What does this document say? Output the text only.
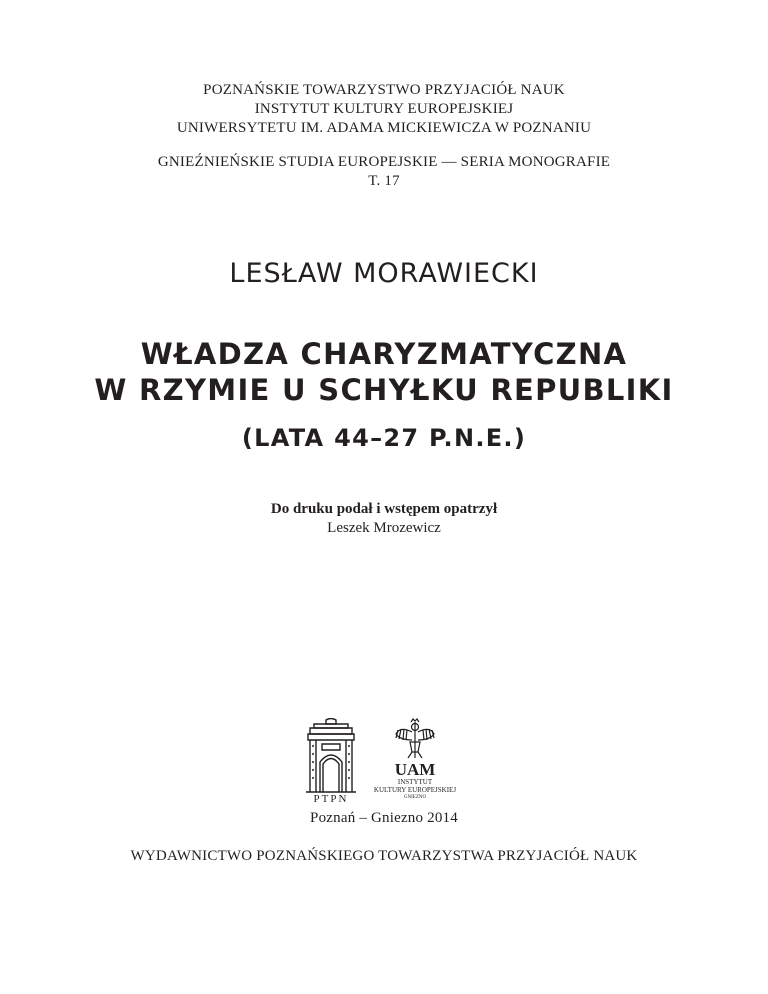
POZNAŃSKIE TOWARZYSTWO PRZYJACIÓŁ NAUK
INSTYTUT KULTURY EUROPEJSKIEJ
UNIWERSYTETU IM. ADAMA MICKIEWICZA W POZNANIU
GNIEŹNIEŃSKIE STUDIA EUROPEJSKIE — SERIA MONOGRAFIE
T. 17
LESŁAW MORAWIECKI
WŁADZA CHARYZMATYCZNA
W RZYMIE U SCHYŁKU REPUBLIKI
(LATA 44–27 P.N.E.)
Do druku podał i wstępem opatrzył
Leszek Mrozewicz
PTPN
UAM
INSTYTUT
KULTURY EUROPEJSKIEJ
GNIEZNO
Poznań – Gniezno 2014
WYDAWNICTWO POZNAŃSKIEGO TOWARZYSTWA PRZYJACIÓŁ NAUK
